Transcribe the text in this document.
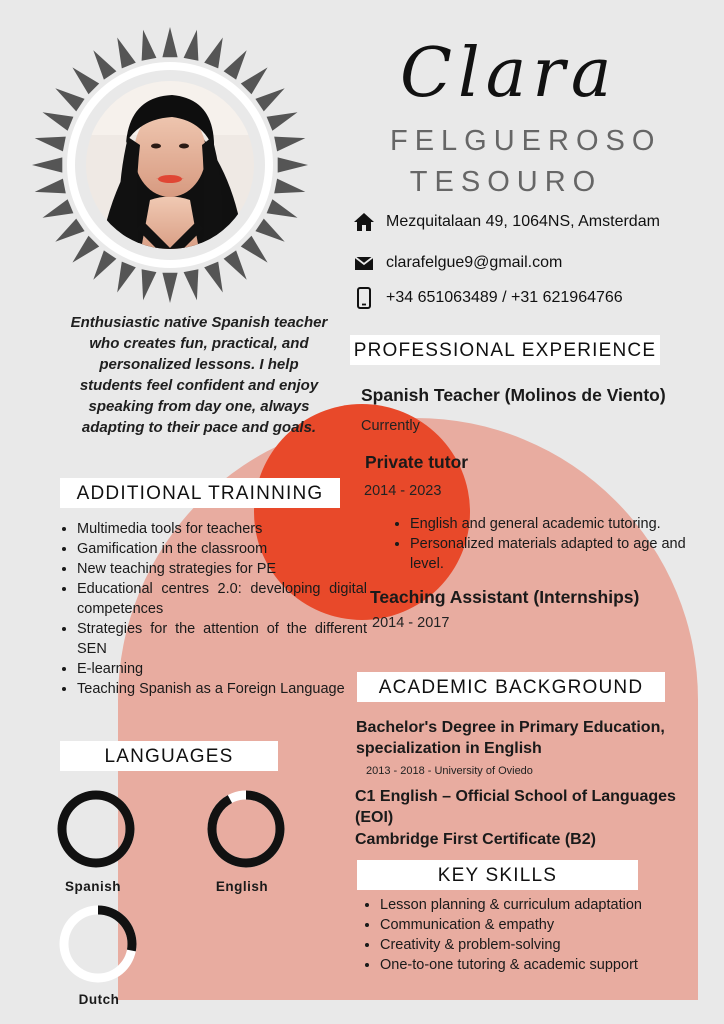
Clara
FELGUEROSO
TESOURO
Mezquitalaan 49, 1064NS, Amsterdam
clarafelgue9@gmail.com
+34 651063489 / +31 621964766
Enthusiastic native Spanish teacher who creates fun, practical, and personalized lessons. I help students feel confident and enjoy speaking from day one, always adapting to their pace and goals.
PROFESSIONAL EXPERIENCE
Spanish Teacher (Molinos de Viento)
Currently
Private tutor
2014 - 2023
• English and general academic tutoring.
• Personalized materials adapted to age and level.
Teaching Assistant (Internships)
2014 - 2017
ADDITIONAL TRAINNING
• Multimedia tools for teachers
• Gamification in the classroom
• New teaching strategies for PE
• Educational centres 2.0: developing digital competences
• Strategies for the attention of the different SEN
• E-learning
• Teaching Spanish as a Foreign Language
LANGUAGES
Spanish	English
Dutch
ACADEMIC BACKGROUND
Bachelor's Degree in Primary Education, specialization in English
2013 - 2018 - University of Oviedo
C1 English – Official School of Languages (EOI)
Cambridge First Certificate (B2)
KEY SKILLS
• Lesson planning & curriculum adaptation
• Communication & empathy
• Creativity & problem-solving
• One-to-one tutoring & academic support
